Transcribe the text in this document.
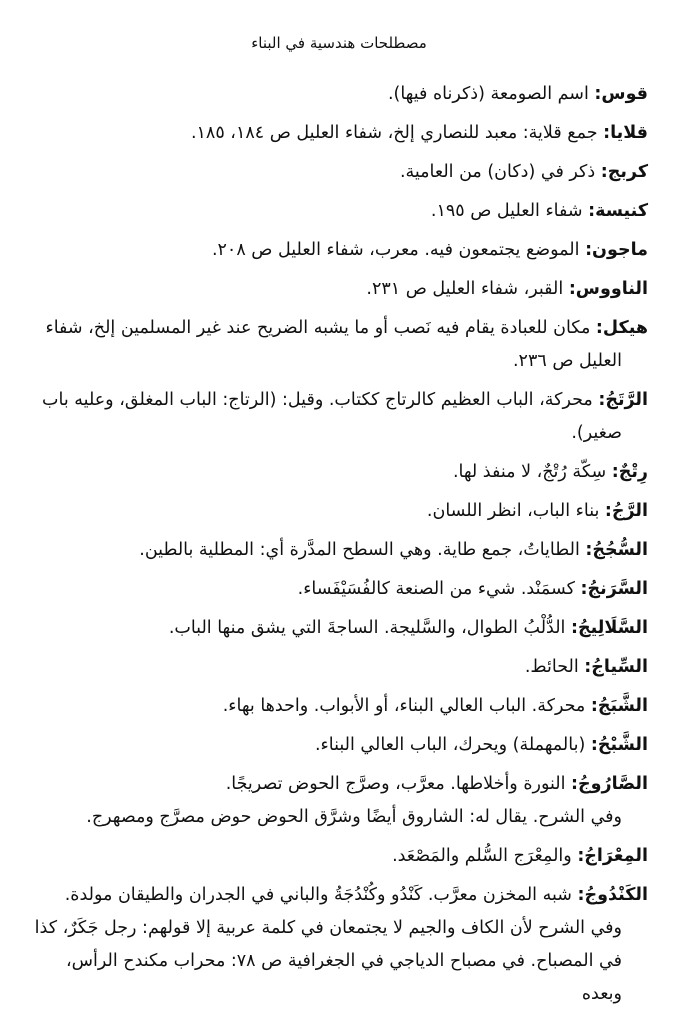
مصطلحات هندسية في البناء

قوس: اسم الصومعة (ذكرناه فيها).

قلايا: جمع قلاية: معبد للنصاري إلخ، شفاء العليل ص ١٨٤، ١٨٥.

كربج: ذكر في (دكان) من العامية.

كنيسة: شفاء العليل ص ١٩٥.

ماجون: الموضع يجتمعون فيه. معرب، شفاء العليل ص ٢٠٨.

الناووس: القبر، شفاء العليل ص ٢٣١.

هيكل: مكان للعبادة يقام فيه نَصب أو ما يشبه الضريح عند غير المسلمين إلخ، شفاء العليل ص ٢٣٦.

الرَّتَجُ: محركة، الباب العظيم كالرتاج ككتاب. وقيل: (الرتاج: الباب المغلق، وعليه باب صغير).

رِتْجٌ: سِكّة رُتْجٌ، لا منفذ لها.

الرَّجُ: بناء الباب، انظر اللسان.

السُّجُجُ: الطاياتُ، جمع طاية. وهي السطح المدَّرة أي: المطلية بالطين.

السَّرَنجُ: كسمَنْد. شيء من الصنعة كالفُسَيْفَساء.

السَّلَالِيجُ: الدُّلْبُ الطوال، والسَّليجة. الساجةَ التي يشق منها الباب.

السِّياجُ: الحائط.

الشَّبَجُ: محركة. الباب العالي البناء، أو الأبواب. واحدها بهاء.

الشَّبْحُ: (بالمهملة) ويحرك، الباب العالي البناء.

الصَّارُوجُ: النورة وأخلاطها. معرَّب، وصرَّج الحوض تصريجًا.
وفي الشرح. يقال له: الشاروق أيضًا وشرَّق الحوض حوض مصرَّج ومصهرج.

المِعْرَاجُ: والمِعْرَج السُّلم والمَصْعَد.

الكَنْدُوجُ: شبه المخزن معرَّب. كَنْدُو وكُنْدُجَةُ والباني في الجدران والطيقان مولدة. وفي الشرح لأن الكاف والجيم لا يجتمعان في كلمة عربية إلا قولهم: رجل جَكَرٌ، كذا في المصباح. في مصباح الدياجي في الجغرافية ص ٧٨: محراب مكندح الرأس، وبعده
